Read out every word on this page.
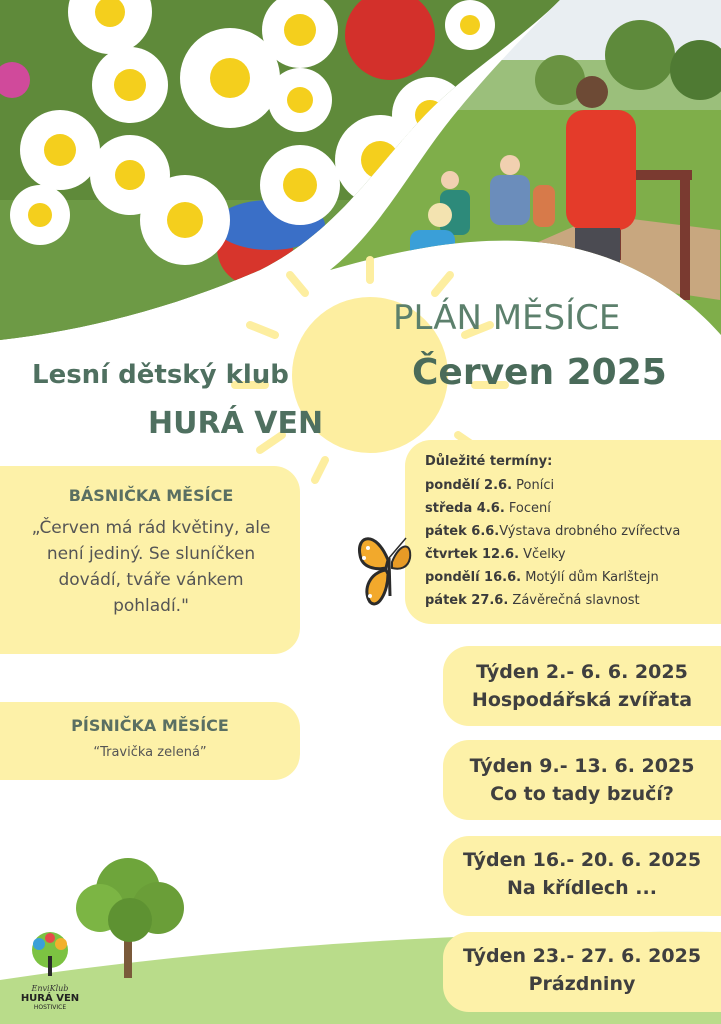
Lesní dětský klub
HURÁ VEN
PLÁN MĚSÍCE
Červen 2025
BÁSNIČKA MĚSÍCE
„Červen má rád květiny, ale není jediný. Se sluníčken dovádí, tváře vánkem pohladí."
PÍSNIČKA MĚSÍCE
“Travička zelená”
Důležité termíny:
pondělí 2.6. Poníci
středa 4.6. Focení
pátek 6.6.Výstava drobného zvířectva
čtvrtek 12.6. Včelky
pondělí 16.6. Motýlí dům Karlštejn
pátek 27.6. Závěrečná slavnost
Týden 2.- 6. 6. 2025
Hospodářská zvířata
Týden 9.- 13. 6. 2025
Co to tady bzučí?
Týden 16.- 20. 6. 2025
Na křídlech ...
Týden 23.- 27. 6. 2025
Prázdniny
EnviKlub
HURÁ VEN
HOSTIVICE
